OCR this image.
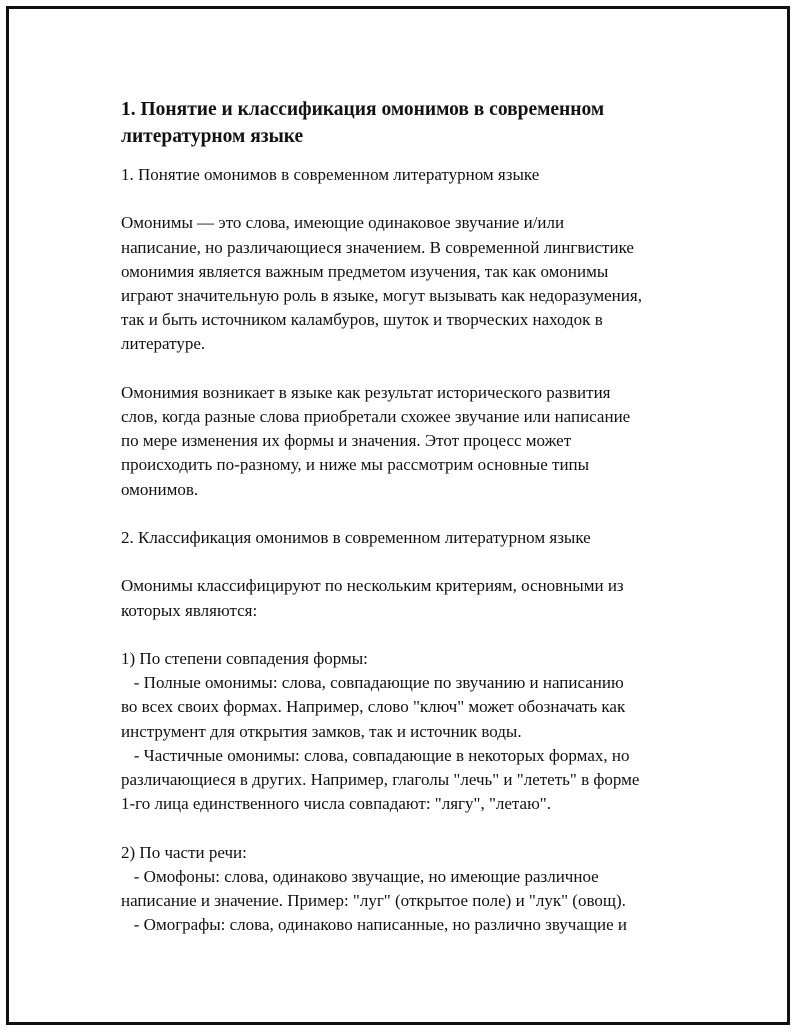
1. Понятие и классификация омонимов в современном
литературном языке
1. Понятие омонимов в современном литературном языке
Омонимы — это слова, имеющие одинаковое звучание и/или
написание, но различающиеся значением. В современной лингвистике
омонимия является важным предметом изучения, так как омонимы
играют значительную роль в языке, могут вызывать как недоразумения,
так и быть источником каламбуров, шуток и творческих находок в
литературе.
Омонимия возникает в языке как результат исторического развития
слов, когда разные слова приобретали схожее звучание или написание
по мере изменения их формы и значения. Этот процесс может
происходить по-разному, и ниже мы рассмотрим основные типы
омонимов.
2. Классификация омонимов в современном литературном языке
Омонимы классифицируют по нескольким критериям, основными из
которых являются:
1) По степени совпадения формы:
- Полные омонимы: слова, совпадающие по звучанию и написанию
во всех своих формах. Например, слово "ключ" может обозначать как
инструмент для открытия замков, так и источник воды.
- Частичные омонимы: слова, совпадающие в некоторых формах, но
различающиеся в других. Например, глаголы "лечь" и "лететь" в форме
1-го лица единственного числа совпадают: "лягу", "летаю".
2) По части речи:
- Омофоны: слова, одинаково звучащие, но имеющие различное
написание и значение. Пример: "луг" (открытое поле) и "лук" (овощ).
- Омографы: слова, одинаково написанные, но различно звучащие и
